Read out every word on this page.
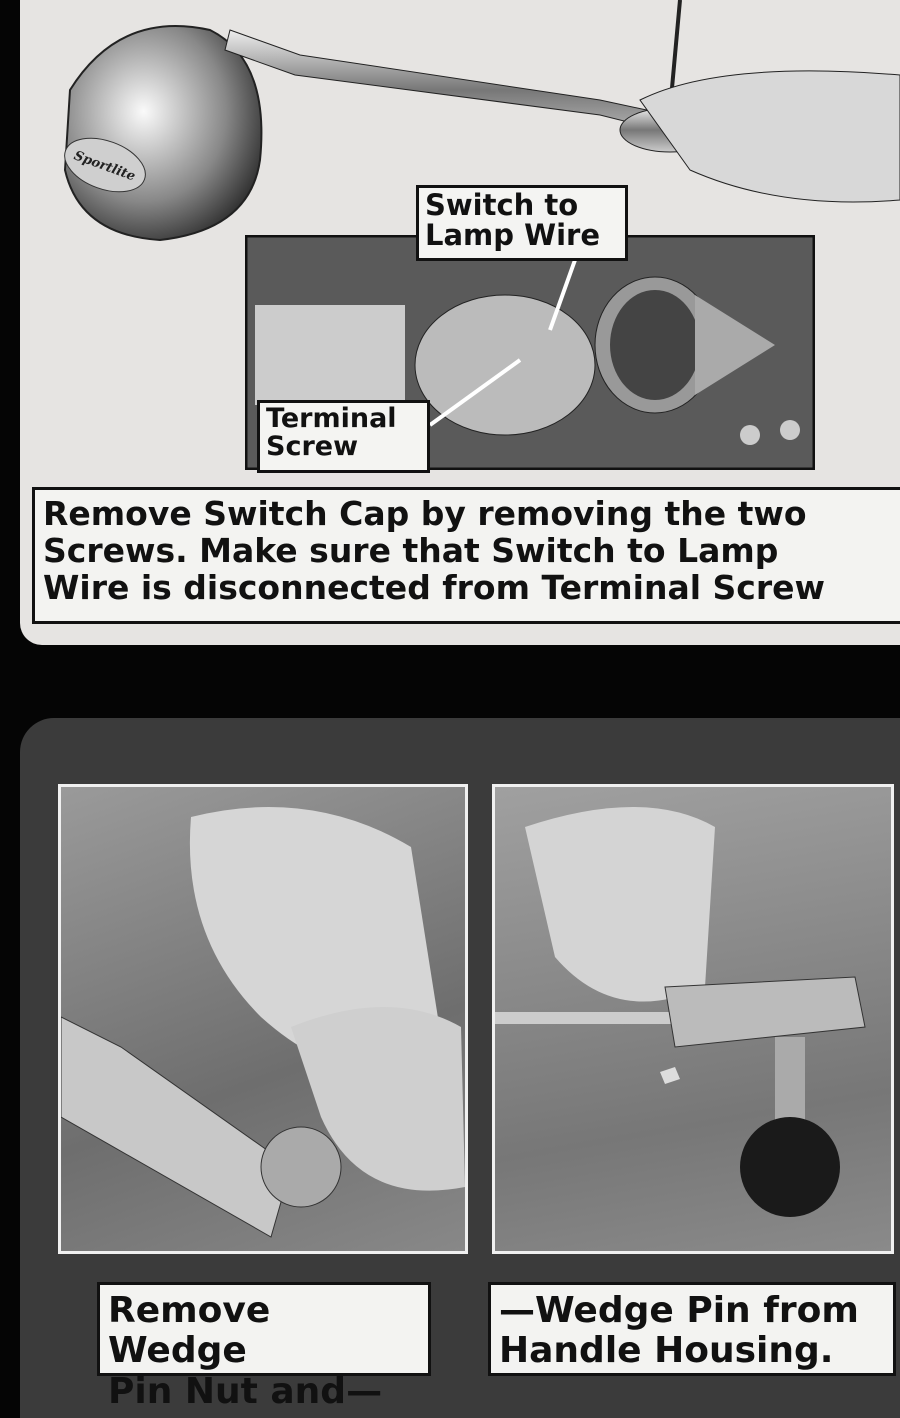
Sportlite
Switch to
Lamp Wire
Terminal
Screw
Remove Switch Cap by removing the two
Screws. Make sure that Switch to Lamp
Wire is disconnected from Terminal Screw
Remove Wedge
Pin Nut and—
—Wedge Pin from
Handle Housing.
